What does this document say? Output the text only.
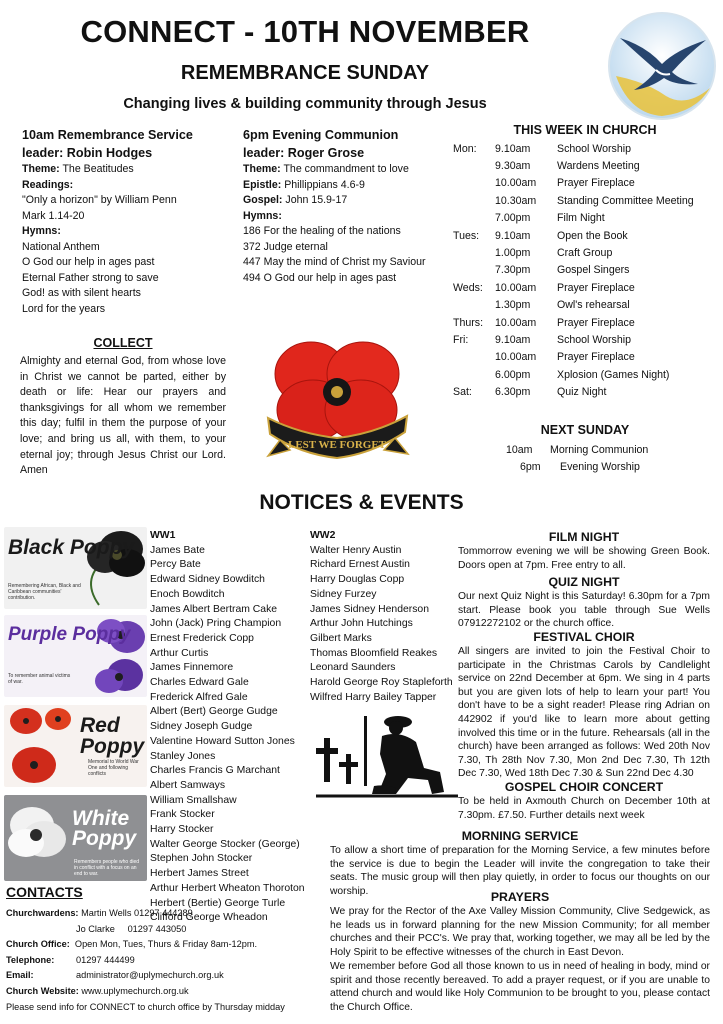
CONNECT - 10TH NOVEMBER
REMEMBRANCE SUNDAY
Changing lives & building community through Jesus
10am Remembrance Service
leader: Robin Hodges
Theme: The Beatitudes
Readings:
"Only a horizon" by William Penn
Mark 1.14-20
Hymns:
National Anthem
O God our help in ages past
Eternal Father strong to save
God! as with silent hearts
Lord for the years
6pm Evening Communion
leader: Roger Grose
Theme: The commandment to love
Epistle: Phillippians 4.6-9
Gospel: John 15.9-17
Hymns:
186 For the healing of the nations
372 Judge eternal
447 May the mind of Christ my Saviour
494 O God our help in ages past
COLLECT
Almighty and eternal God, from whose love in Christ we cannot be parted, either by death or life: Hear our prayers and thanksgivings for all whom we remember this day; fulfil in them the purpose of your love; and bring us all, with them, to your eternal joy; through Jesus Christ our Lord. Amen
LEST WE FORGET
THIS WEEK IN CHURCH
Mon:	9.10am	School Worship
	9.30am	Wardens Meeting
	10.00am	Prayer Fireplace
	10.30am	Standing Committee Meeting
	7.00pm	Film Night
Tues:	9.10am	Open the Book
	1.00pm	Craft Group
	7.30pm	Gospel Singers
Weds:	10.00am	Prayer Fireplace
	1.30pm	Owl's rehearsal
Thurs:	10.00am	Prayer Fireplace
Fri:	9.10am	School Worship
	10.00am	Prayer Fireplace
	6.00pm	Xplosion (Games Night)
Sat:	6.30pm	Quiz Night
NEXT SUNDAY
10am Morning Communion
6pm Evening Worship
NOTICES & EVENTS
Black Poppy
Remembering African, Black and Caribbean communities' contribution.
Purple Poppy
To remember animal victims of war.
Red Poppy
Memorial to World War One and following conflicts
White Poppy
Remembers people who died in conflict with a focus on an end to war.
WW1
James Bate
Percy Bate
Edward Sidney Bowditch
Enoch Bowditch
James Albert Bertram Cake
John (Jack) Pring Champion
Ernest Frederick Copp
Arthur Curtis
James Finnemore
Charles Edward Gale
Frederick Alfred Gale
Albert (Bert) George Gudge
Sidney Joseph Gudge
Valentine Howard Sutton Jones
Stanley Jones
Charles Francis G Marchant
Albert Samways
William Smallshaw
Frank Stocker
Harry Stocker
Walter George Stocker (George)
Stephen John Stocker
Herbert James Street
Arthur Herbert Wheaton Thoroton
Herbert (Bertie) George Turle
Clifford George Wheadon
WW2
Walter Henry Austin
Richard Ernest Austin
Harry Douglas Copp
Sidney Furzey
James Sidney Henderson
Arthur John Hutchings
Gilbert Marks
Thomas Bloomfield Reakes
Leonard Saunders
Harold George Roy Stapleforth
Wilfred Harry Bailey Tapper
FILM NIGHT
Tommorrow evening we will be showing Green Book. Doors open at 7pm. Free entry to all.
QUIZ NIGHT
Our next Quiz Night is this Saturday! 6.30pm for a 7pm start. Please book you table through Sue Wells 07912272102 or the church office.
FESTIVAL CHOIR
All singers are invited to join the Festival Choir to participate in the Christmas Carols by Candlelight service on 22nd December at 6pm. We sing in 4 parts but you are given lots of help to learn your part! You don't have to be a sight reader! Please ring Adrian on 442902 if you'd like to learn more about getting involved this time or in the future. Rehearsals (all in the church) have been arranged as follows: Wed 20th Nov 7.30, Th 28th Nov 7.30, Mon 2nd Dec 7.30, Th 12th Dec 7.30, Wed 18th Dec 7.30 & Sun 22nd Dec 4.30
GOSPEL CHOIR CONCERT
To be held in Axmouth Church on December 10th at 7.30pm. £7.50. Further details next week
MORNING SERVICE
To allow a short time of preparation for the Morning Service, a few minutes before the service is due to begin the Leader will invite the congregation to take their seats. The music group will then play quietly, in order to focus our thoughts on our worship.	PRAYERS
We pray for the Rector of the Axe Valley Mission Community, Clive Sedgewick, as he leads us in forward planning for the new Mission Community; for all member churches and their PCC's. We pray that, working together, we may all be led by the Holy Spirit to be effective witnesses of the church in East Devon.
We remember before God all those known to us in need of healing in body, mind or spirit and those recently bereaved. To add a prayer request, or if you are unable to attend church and would like Holy Communion to be brought to you, please contact the Church Office.
CONTACTS
Churchwardens: Martin Wells 01297 444289
Jo Clarke     01297 443050
Church Office: Open Mon, Tues, Thurs & Friday 8am-12pm.
Telephone: 01297 444499
Email:	administrator@uplymechurch.org.uk
Church Website: www.uplymechurch.org.uk
Please send info for CONNECT to church office by Thursday midday
